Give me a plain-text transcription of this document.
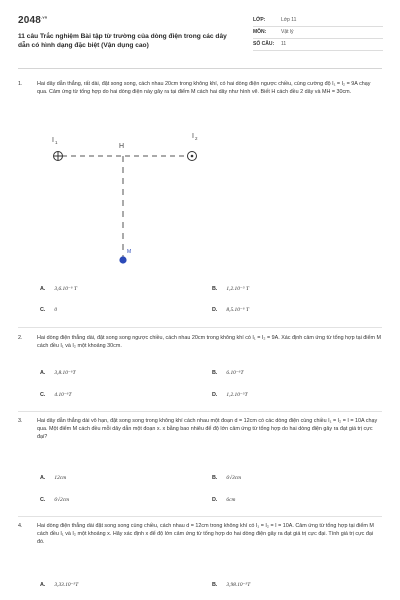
$2048^{.vn}$
11 câu Trắc nghiệm Bài tập từ trường của dòng điện trong các dây dẫn có hình dạng đặc biệt (Vận dụng cao)
LỚP:	Lớp 11
MÔN:	Vật lý
SỐ CÂU:	11
1.	Hai dây dẫn thẳng, rất dài, đặt song song, cách nhau 20cm trong không khí, có hai dòng điện ngược chiều, cùng cường độ I₁ = I₂ = 9A chạy qua. Cảm ứng từ tổng hợp do hai dòng điện này gây ra tại điểm M cách hai dây như hình vẽ. Biết H cách đều 2 dây và MH = 30cm.
I 1
I 2
H
M
A. 3,6.10⁻⁶ T	B. 1,2.10⁻⁵ T
C. 0	D. 8,5.10⁻⁶ T
2.	Hai dòng điện thẳng dài, đặt song song ngược chiều, cách nhau 20cm trong không khí có I₁ = I₂ = 9A. Xác định cảm ứng từ tổng hợp tại điểm M cách đều I₁ và I₂ một khoảng 30cm.
A. 3,8.10⁻⁶T	B. 6.10⁻⁶T
C. 4.10⁻⁶T	D. 1,2.10⁻⁵T
3.	Hai dây dẫn thẳng dài vô hạn, đặt song song trong không khí cách nhau một đoạn d = 12cm có các dòng điện cùng chiều I₁ = I₂ = I = 10A chạy qua. Một điểm M cách đều mỗi dây dẫn một đoạn x. x bằng bao nhiêu để độ lớn cảm ứng từ tổng hợp do hai dòng điện gây ra đạt giá trị cực đại?
A. 12cm	B. 6√3cm
C. 6√2cm	D. 6cm
4.	Hai dòng điện thẳng dài đặt song song cùng chiều, cách nhau d = 12cm trong không khí có I₁ = I₂ = I = 10A. Cảm ứng từ tổng hợp tại điểm M cách đều I₁ và I₂ một khoảng x. Hãy xác định x để độ lớn cảm ứng từ tổng hợp do hai dòng điện gây ra đạt giá trị cực đại. Tính giá trị cực đại đó.
A. 3,33.10⁻⁵T	B. 3,98.10⁻⁵T
